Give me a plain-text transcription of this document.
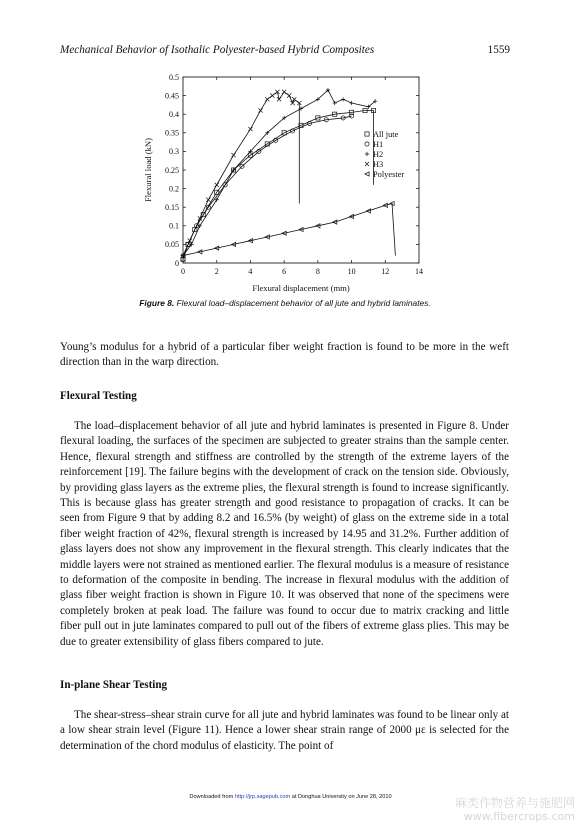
Mechanical Behavior of Isothalic Polyester-based Hybrid Composites	1559
0	2	4	6	8	10	12	14
0
0.05
0.1
0.15
0.2
0.25
0.3
0.35
0.4
0.45
0.5
All jute
H1
H2
H3
Polyester
Flexural displacement (mm)
Flexural load (kN)
Figure 8. Flexural load–displacement behavior of all jute and hybrid laminates.

Young’s modulus for a hybrid of a particular fiber weight fraction is found to be more in the weft direction than in the warp direction.

Flexural Testing

The load–displacement behavior of all jute and hybrid laminates is presented in Figure 8. Under flexural loading, the surfaces of the specimen are subjected to greater strains than the sample center. Hence, flexural strength and stiffness are controlled by the strength of the extreme layers of the reinforcement [19]. The failure begins with the development of crack on the tension side. Obviously, by providing glass layers as the extreme plies, the flexural strength is found to increase significantly. This is because glass has greater strength and good resistance to propagation of cracks. It can be seen from Figure 9 that by adding 8.2 and 16.5% (by weight) of glass on the extreme side in a total fiber weight fraction of 42%, flexural strength is increased by 14.95 and 31.2%. Further addition of glass layers does not show any improvement in the flexural strength. This clearly indicates that the middle layers were not strained as mentioned earlier. The flexural modulus is a measure of resistance to deformation of the composite in bending. The increase in flexural modulus with the addition of glass fiber weight fraction is shown in Figure 10. It was observed that none of the specimens were completely broken at peak load. The failure was found to occur due to matrix cracking and little fiber pull out in jute laminates compared to pull out of the fibers of extreme glass plies. This may be due to greater extensibility of glass fibers compared to jute.

In-plane Shear Testing

The shear-stress–shear strain curve for all jute and hybrid laminates was found to be linear only at a low shear strain level (Figure 11). Hence a lower shear strain range of 2000 με is selected for the determination of the chord modulus of elasticity. The point of

Downloaded from http://jrp.sagepub.com at Donghua University on June 28, 2010	麻类作物营养与施肥网
www.fibercrops.com
